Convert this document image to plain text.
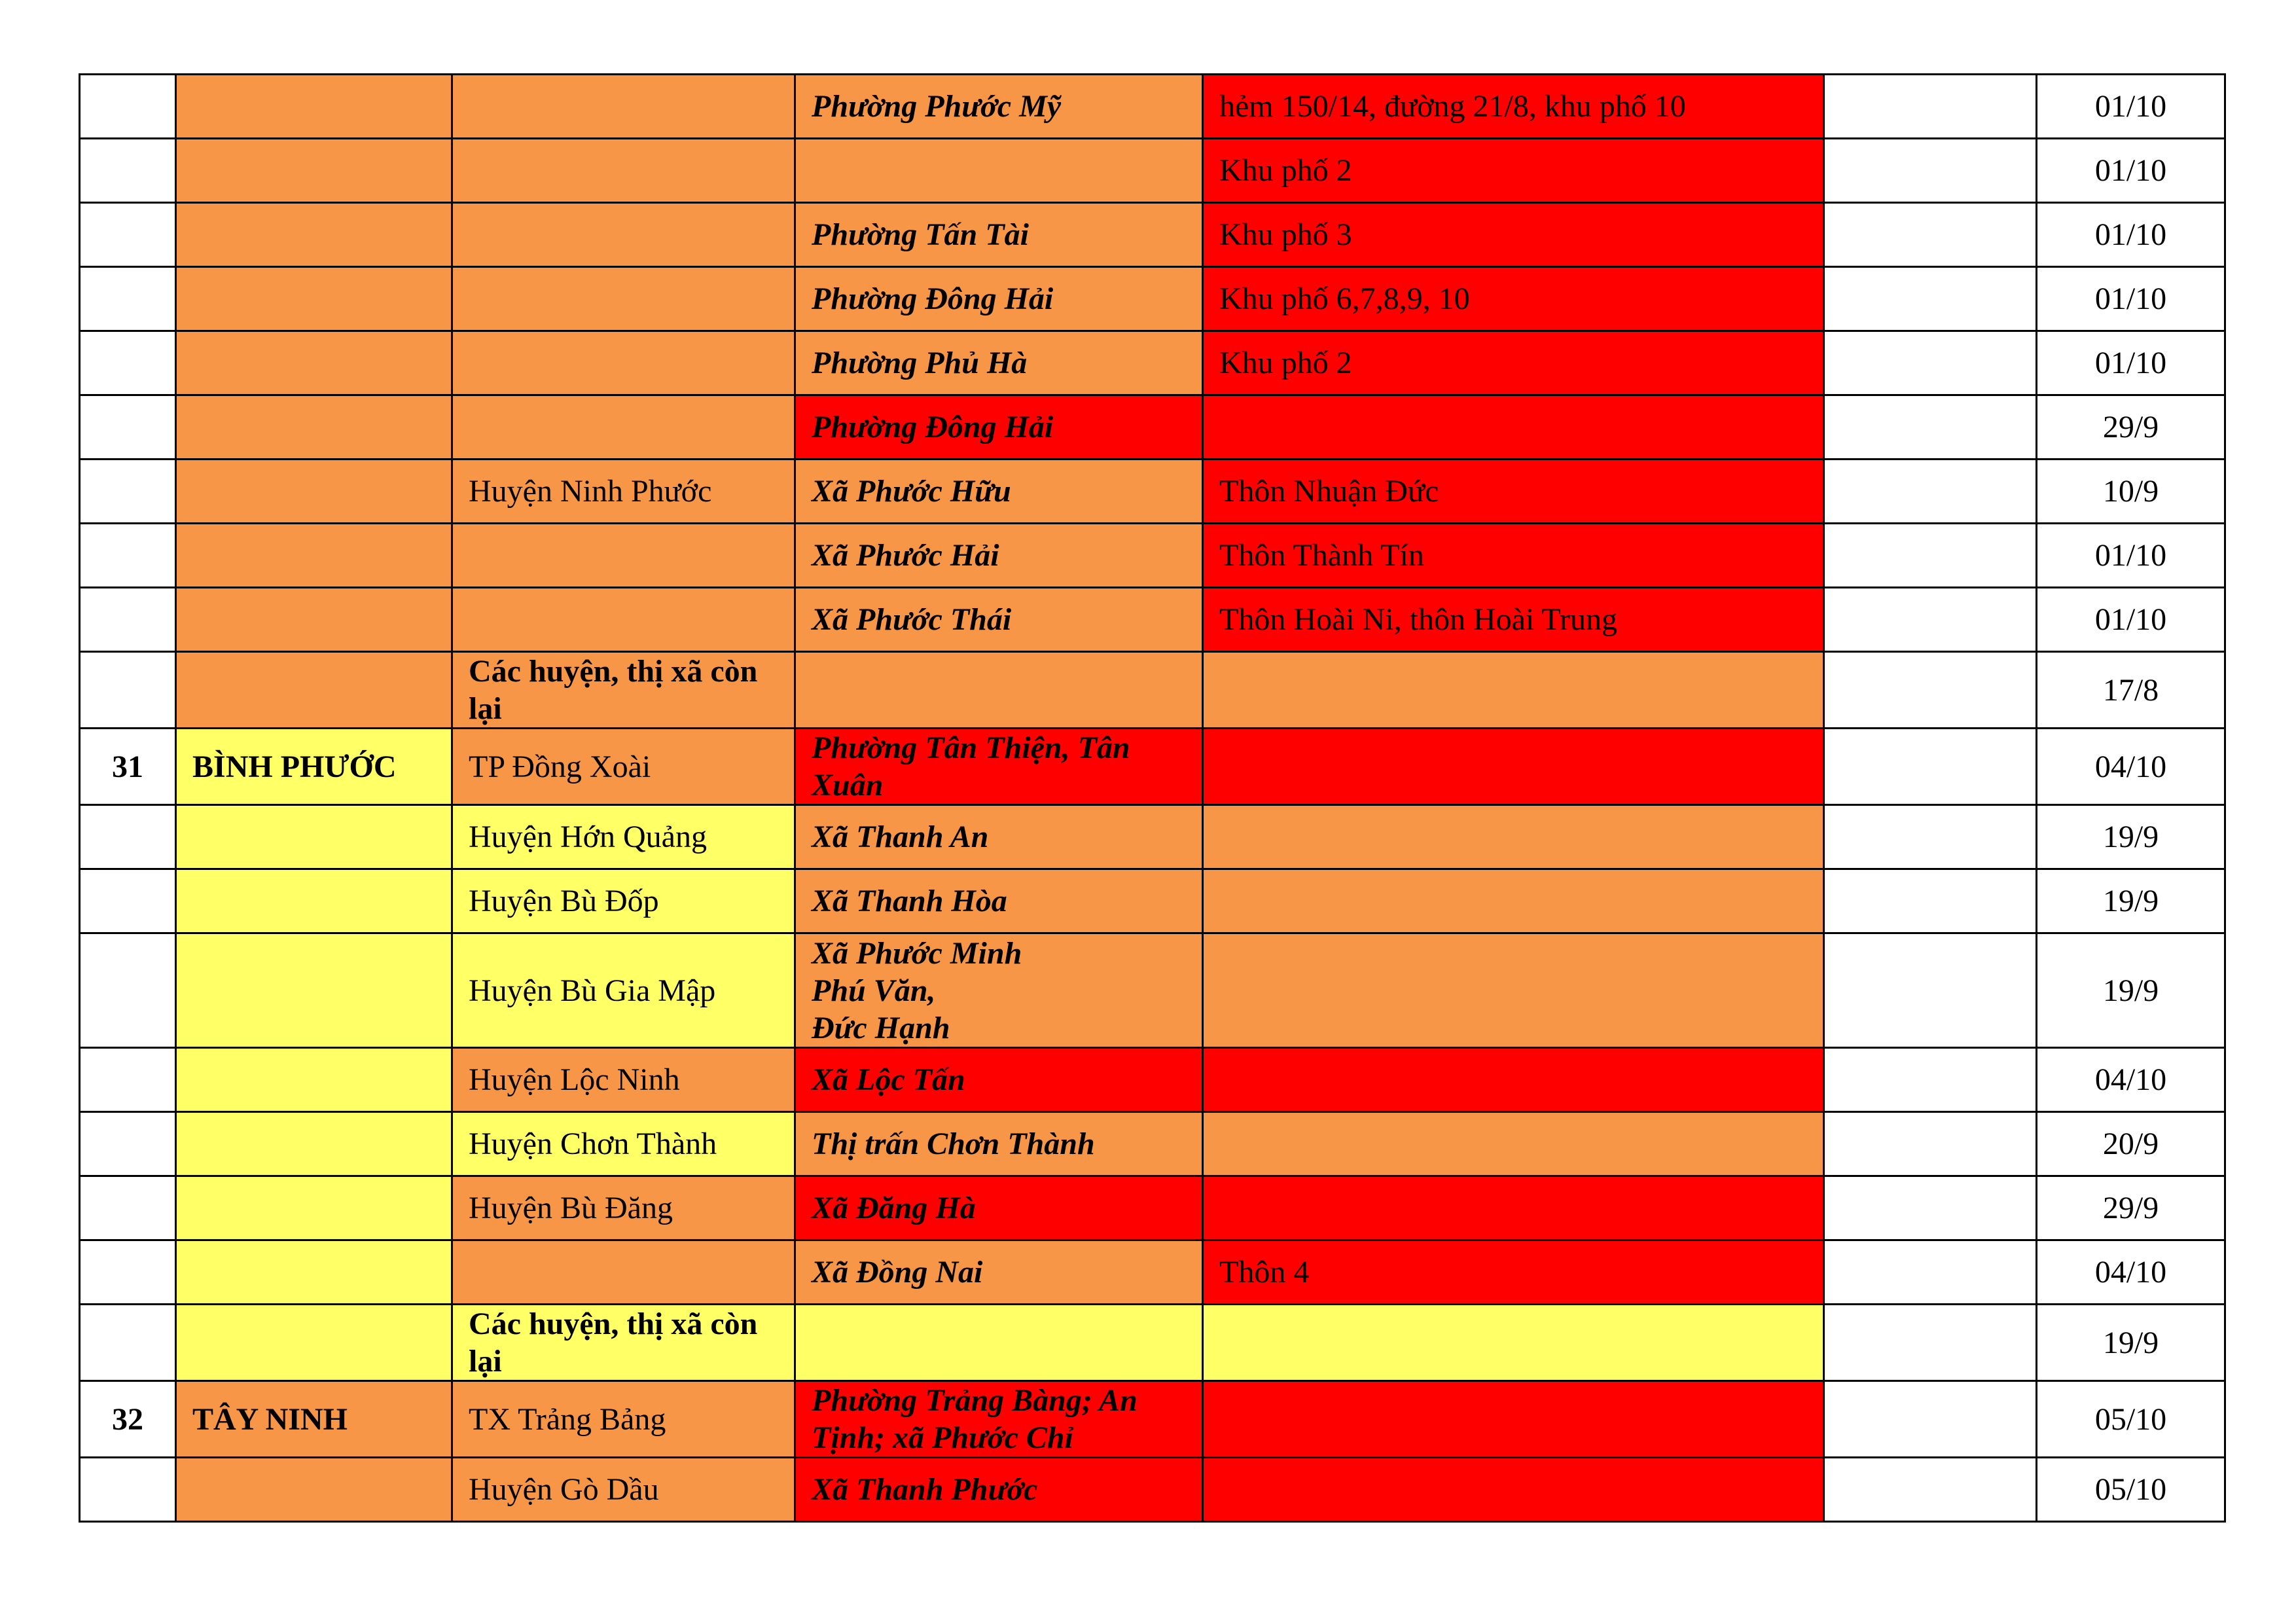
			Phường Phước Mỹ	hẻm 150/14, đường 21/8, khu phố 10		01/10
				Khu phố 2		01/10
			Phường Tấn Tài	Khu phố 3		01/10
			Phường Đông Hải	Khu phố 6,7,8,9, 10		01/10
			Phường Phủ Hà	Khu phố 2		01/10
			Phường Đông Hải			29/9
		Huyện Ninh Phước	Xã Phước Hữu	Thôn Nhuận Đức		10/9
			Xã Phước Hải	Thôn Thành Tín		01/10
			Xã Phước Thái	Thôn Hoài Ni, thôn Hoài Trung		01/10
		Các huyện, thị xã còn lại				17/8
31	BÌNH PHƯỚC	TP Đồng Xoài	Phường Tân Thiện, Tân Xuân			04/10
		Huyện Hớn Quảng	Xã Thanh An			19/9
		Huyện Bù Đốp	Xã Thanh Hòa			19/9
		Huyện Bù Gia Mập	Xã Phước Minh
Phú Văn,
Đức Hạnh			19/9
		Huyện Lộc Ninh	Xã Lộc Tấn			04/10
		Huyện Chơn Thành	Thị trấn Chơn Thành			20/9
		Huyện Bù Đăng	Xã Đăng Hà			29/9
			Xã Đồng Nai	Thôn 4		04/10
		Các huyện, thị xã còn lại				19/9
32	TÂY NINH	TX Trảng Bảng	Phường Trảng Bàng; An Tịnh; xã Phước Chỉ			05/10
		Huyện Gò Dầu	Xã Thanh Phước			05/10
